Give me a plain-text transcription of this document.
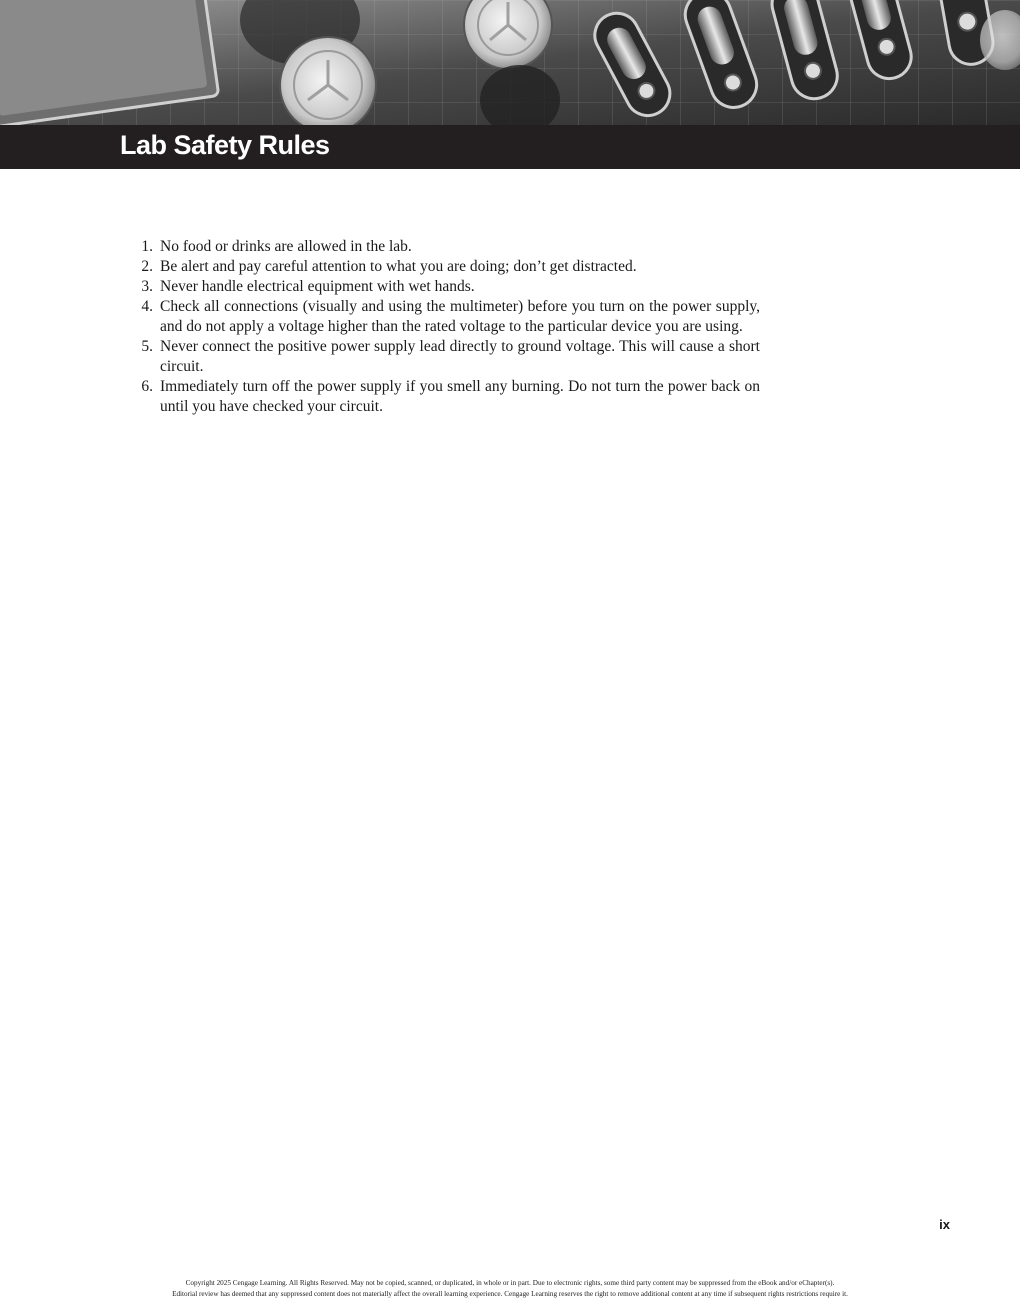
Lab Safety Rules
1. No food or drinks are allowed in the lab.
2. Be alert and pay careful attention to what you are doing; don’t get distracted.
3. Never handle electrical equipment with wet hands.
4. Check all connections (visually and using the multimeter) before you turn on the power supply, and do not apply a voltage higher than the rated voltage to the particular device you are using.
5. Never connect the positive power supply lead directly to ground voltage. This will cause a short circuit.
6. Immediately turn off the power supply if you smell any burning. Do not turn the power back on until you have checked your circuit.
ix
Copyright 2025 Cengage Learning. All Rights Reserved. May not be copied, scanned, or duplicated, in whole or in part. Due to electronic rights, some third party content may be suppressed from the eBook and/or eChapter(s).
Editorial review has deemed that any suppressed content does not materially affect the overall learning experience. Cengage Learning reserves the right to remove additional content at any time if subsequent rights restrictions require it.
